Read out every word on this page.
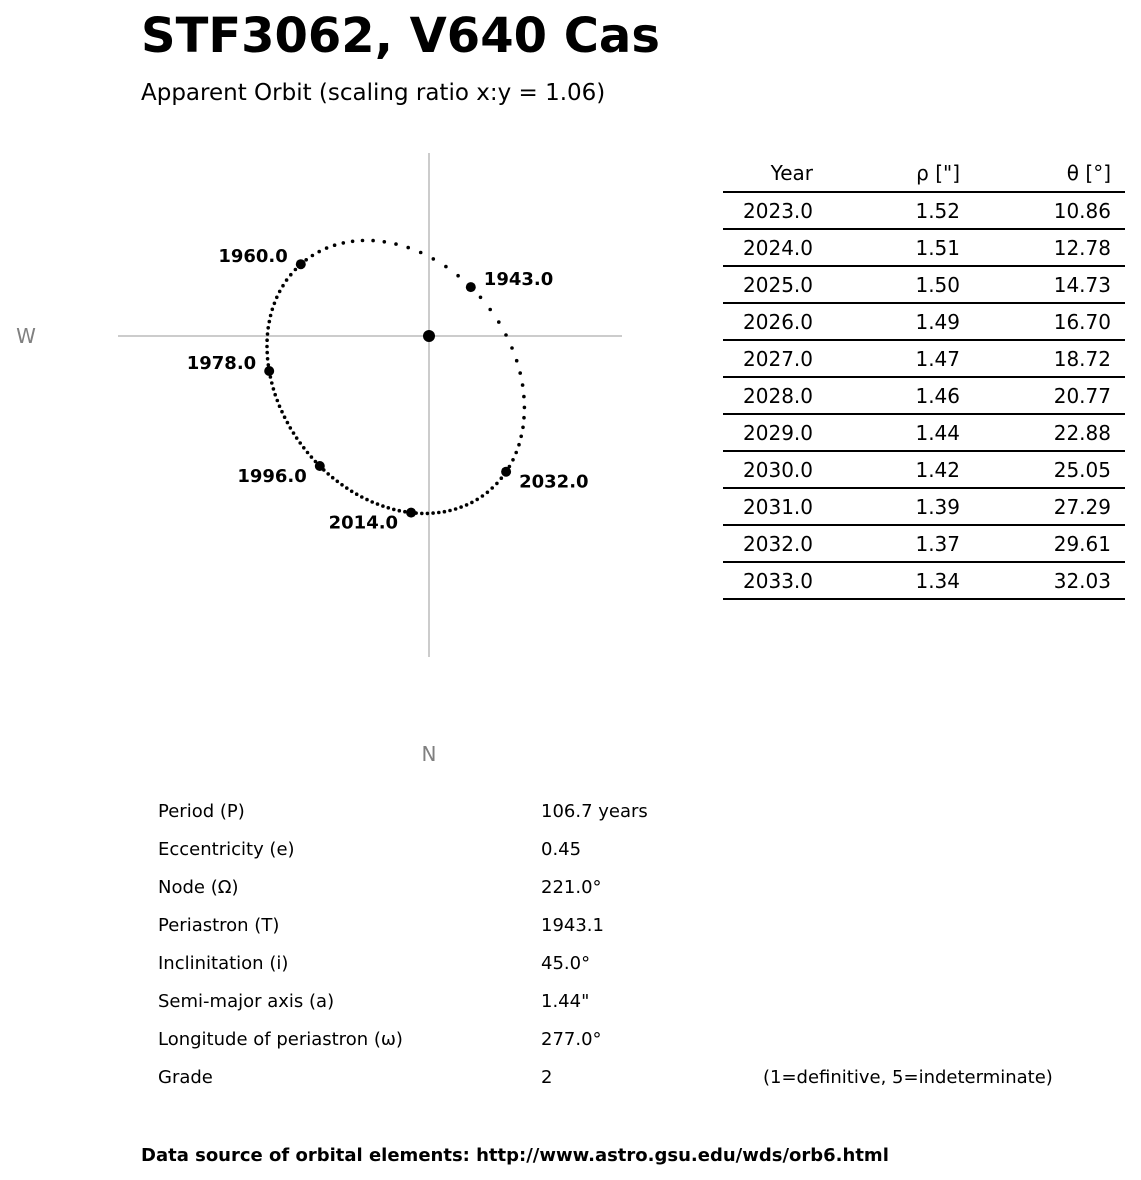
STF3062, V640 Cas
Apparent Orbit (scaling ratio x:y = 1.06)
W
N
1943.0
1960.0
1978.0
1996.0
2014.0
2032.0
Year	ρ ["]	θ [°]	
2023.0	1.52	10.86	
2024.0	1.51	12.78	
2025.0	1.50	14.73	
2026.0	1.49	16.70	
2027.0	1.47	18.72	
2028.0	1.46	20.77	
2029.0	1.44	22.88	
2030.0	1.42	25.05	
2031.0	1.39	27.29	
2032.0	1.37	29.61	
2033.0	1.34	32.03	
Period (P)	106.7 years
Eccentricity (e)	0.45
Node (Ω)	221.0°
Periastron (T)	1943.1
Inclinitation (i)	45.0°
Semi-major axis (a)	1.44"
Longitude of periastron (ω)	277.0°
Grade	2	(1=definitive, 5=indeterminate)
Data source of orbital elements: http://www.astro.gsu.edu/wds/orb6.html
